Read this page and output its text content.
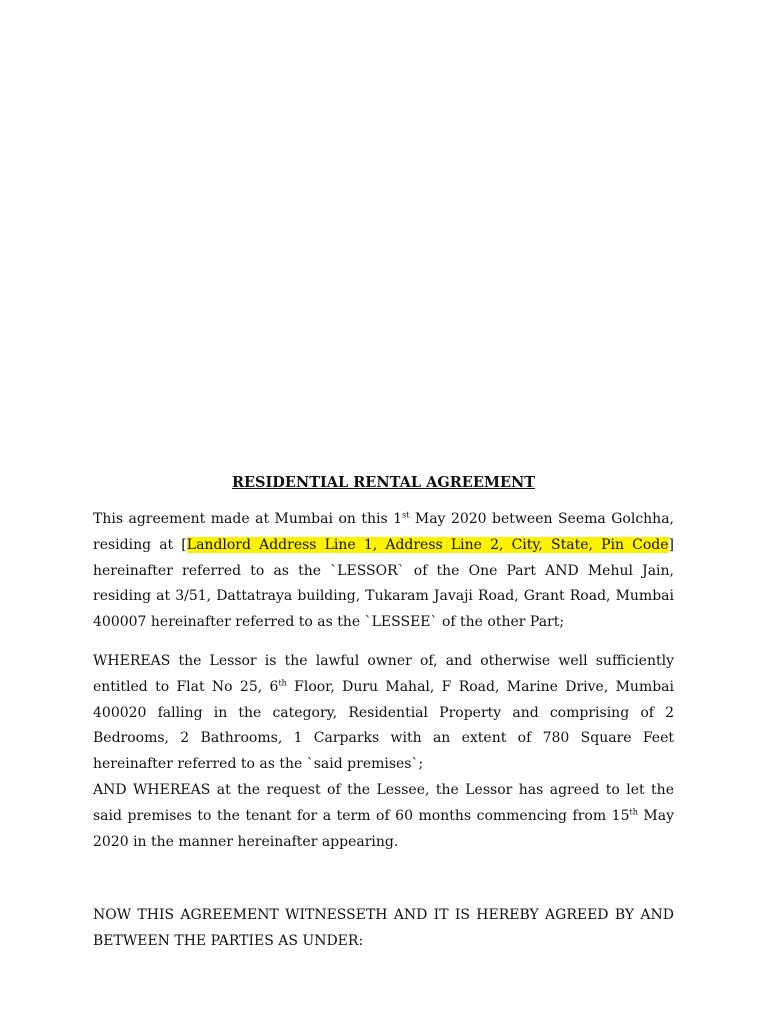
RESIDENTIAL RENTAL AGREEMENT

This agreement made at Mumbai on this 1st May 2020 between Seema Golchha, residing at [Landlord Address Line 1, Address Line 2, City, State, Pin Code] hereinafter referred to as the `LESSOR` of the One Part AND Mehul Jain, residing at 3/51, Dattatraya building, Tukaram Javaji Road, Grant Road, Mumbai 400007 hereinafter referred to as the `LESSEE` of the other Part;

WHEREAS the Lessor is the lawful owner of, and otherwise well sufficiently entitled to Flat No 25, 6th Floor, Duru Mahal, F Road, Marine Drive, Mumbai 400020 falling in the category, Residential Property and comprising of 2 Bedrooms, 2 Bathrooms, 1 Carparks with an extent of 780 Square Feet hereinafter referred to as the `said premises`;

AND WHEREAS at the request of the Lessee, the Lessor has agreed to let the said premises to the tenant for a term of 60 months commencing from 15th May 2020 in the manner hereinafter appearing.

NOW THIS AGREEMENT WITNESSETH AND IT IS HEREBY AGREED BY AND BETWEEN THE PARTIES AS UNDER:
